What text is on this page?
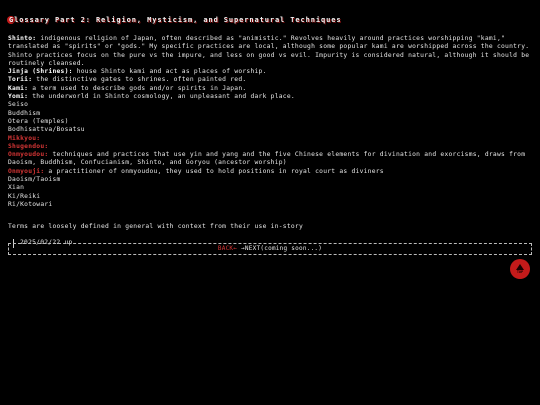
Glossary Part 2: Religion, Mysticism, and Supernatural Techniques
Shinto: indigenous religion of Japan, often described as "animistic." Revolves heavily around practices worshipping "kami," translated as "spirits" or "gods." My specific practices are local, although some popular kami are worshipped across the country. Shinto practices focus on the pure vs the impure, and less on good vs evil. Impurity is considered natural, although it should be routinely cleansed.
Jinja (Shrines): house Shinto kami and act as places of worship.
Torii: the distinctive gates to shrines. often painted red.
Kami: a term used to describe gods and/or spirits in Japan.
Yomi: the underworld in Shinto cosmology, an unpleasant and dark place.
Seiso
Buddhism
Otera (Temples)
Bodhisattva/Bosatsu
Mikkyou:
Shugendou:
Onmyoudou: techniques and practices that use yin and yang and the five Chinese elements for divination and exorcisms, draws from Daoism, Buddhism, Confucianism, Shinto, and Goryou (ancestor worship)
Onmyouji: a practitioner of onmyoudou, they used to hold positions in royal court as diviners
Daoism/Taoism
Xian
Ki/Reiki
Ri/Kotowari
Terms are loosely defined in general with context from their use in-story
2025/02/22 up
BACK← →NEXT(coming soon...)
TOP
